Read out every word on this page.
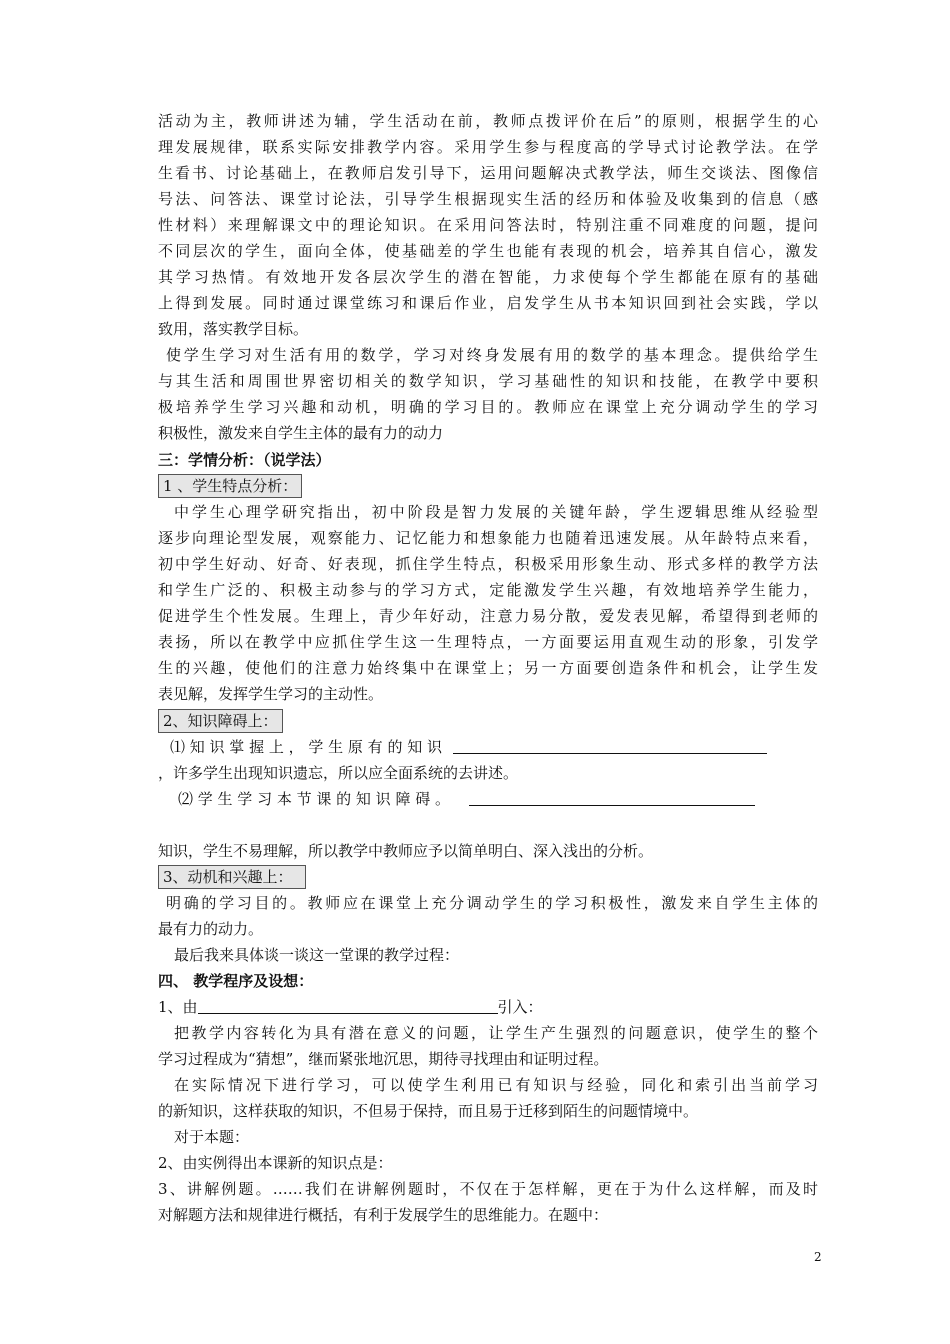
活动为主，教师讲述为辅，学生活动在前，教师点拨评价在后”的原则，根据学生的心
理发展规律，联系实际安排教学内容。采用学生参与程度高的学导式讨论教学法。在学
生看书、讨论基础上，在教师启发引导下，运用问题解决式教学法，师生交谈法、图像信
号法、问答法、课堂讨论法，引导学生根据现实生活的经历和体验及收集到的信息（感
性材料）来理解课文中的理论知识。在采用问答法时，特别注重不同难度的问题，提问
不同层次的学生，面向全体，使基础差的学生也能有表现的机会，培养其自信心，激发
其学习热情。有效地开发各层次学生的潜在智能，力求使每个学生都能在原有的基础
上得到发展。同时通过课堂练习和课后作业，启发学生从书本知识回到社会实践，学以
致用，落实教学目标。
使学生学习对生活有用的数学，学习对终身发展有用的数学的基本理念。提供给学生
与其生活和周围世界密切相关的数学知识，学习基础性的知识和技能，在教学中要积
极培养学生学习兴趣和动机，明确的学习目的。教师应在课堂上充分调动学生的学习
积极性，激发来自学生主体的最有力的动力
三：学情分析：（说学法）
1 、学生特点分析：
中学生心理学研究指出，初中阶段是智力发展的关键年龄，学生逻辑思维从经验型
逐步向理论型发展，观察能力、记忆能力和想象能力也随着迅速发展。从年龄特点来看，
初中学生好动、好奇、好表现，抓住学生特点，积极采用形象生动、形式多样的教学方法
和学生广泛的、积极主动参与的学习方式，定能激发学生兴趣，有效地培养学生能力，
促进学生个性发展。生理上，青少年好动，注意力易分散，爱发表见解，希望得到老师的
表扬，所以在教学中应抓住学生这一生理特点，一方面要运用直观生动的形象，引发学
生的兴趣，使他们的注意力始终集中在课堂上；另一方面要创造条件和机会，让学生发
表见解，发挥学生学习的主动性。
2、知识障碍上：
⑴ 知 识 掌 握 上 ， 学 生 原 有 的 知 识
，许多学生出现知识遗忘，所以应全面系统的去讲述。
⑵ 学 生 学 习 本 节 课 的 知 识 障 碍 。
知识，学生不易理解，所以教学中教师应予以简单明白、深入浅出的分析。
3、动机和兴趣上：
明确的学习目的。教师应在课堂上充分调动学生的学习积极性，激发来自学生主体的
最有力的动力。
最后我来具体谈一谈这一堂课的教学过程：
四、 教学程序及设想：
1、由	引入：
把教学内容转化为具有潜在意义的问题，让学生产生强烈的问题意识，使学生的整个
学习过程成为“猜想”，继而紧张地沉思，期待寻找理由和证明过程。
在实际情况下进行学习，可以使学生利用已有知识与经验，同化和索引出当前学习
的新知识，这样获取的知识，不但易于保持，而且易于迁移到陌生的问题情境中。
对于本题：
2、由实例得出本课新的知识点是：
3、讲解例题。……我们在讲解例题时，不仅在于怎样解，更在于为什么这样解，而及时
对解题方法和规律进行概括，有利于发展学生的思维能力。在题中：
2
